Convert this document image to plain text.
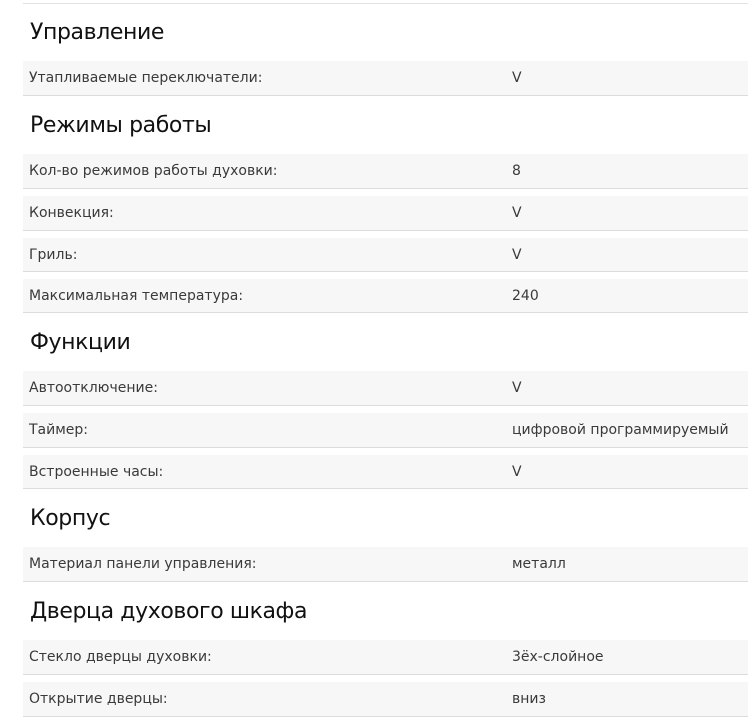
Управление
Утапливаемые переключатели:	V
Режимы работы
Кол-во режимов работы духовки:	8
Конвекция:	V
Гриль:	V
Максимальная температура:	240
Функции
Автоотключение:	V
Таймер:	цифровой программируемый
Встроенные часы:	V
Корпус
Материал панели управления:	металл
Дверца духового шкафа
Стекло дверцы духовки:	3ёх-слойное
Открытие дверцы:	вниз
